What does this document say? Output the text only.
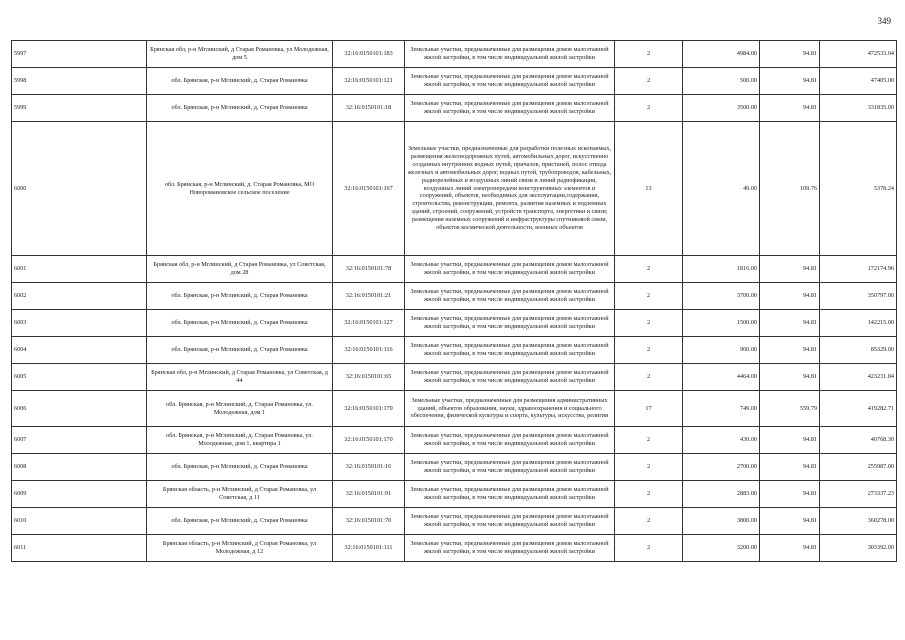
349
5997	Брянская обл, р-н Мглинский, д Старая Романовка, ул Молодежная, дом 5	32:16:0150101:183	Земельные участки, предназначенные для размещения домов малоэтажной жилой застройки, в том числе индивидуальной жилой застройки	2	4984.00	94.81	472533.04
5998	обл. Брянская, р-н Мглинский, д. Старая Романовка	32:16:0150101:121	Земельные участки, предназначенные для размещения домов малоэтажной жилой застройки, в том числе индивидуальной жилой застройки	2	500.00	94.81	47405.00
5999	обл. Брянская, р-н Мглинский, д. Старая Романовка	32:16:0150101:18	Земельные участки, предназначенные для размещения домов малоэтажной жилой застройки, в том числе индивидуальной жилой застройки	2	3500.00	94.81	331835.00
6000	обл. Брянская, р-н Мглинский, д. Старая Романовка, МО Новоромановское сельское поселение	32:16:0150101:167	Земельные участки, предназначенные для разработки полезных ископаемых, размещения железнодорожных путей, автомобильных дорог, искусственно созданных внутренних водных путей, причалов, пристаней, полос отвода железных и автомобильных дорог, водных путей, трубопроводов, кабельных, радиорелейных и воздушных линий связи и линий радиофикации, воздушных линий электропередачи конструктивных элементов и сооружений, объектов, необходимых для эксплуатации,содержания, строительства, реконструкции, ремонта, развития наземных и подземных зданий, строений, сооружений, устройств транспорта, энергетики и связи; размещения наземных сооружений и инфраструктуры спутниковой связи, объектов космической деятельности, военных объектов	13	49.00	109.76	5378.24
6001	Брянская обл, р-н Мглинский, д Старая Романовка, ул Советская, дом 28	32:16:0150101:78	Земельные участки, предназначенные для размещения домов малоэтажной жилой застройки, в том числе индивидуальной жилой застройки	2	1816.00	94.81	172174.96
6002	обл. Брянская, р-н Мглинский, д. Старая Романовка	32:16:0150101:21	Земельные участки, предназначенные для размещения домов малоэтажной жилой застройки, в том числе индивидуальной жилой застройки	2	3700.00	94.81	350797.00
6003	обл. Брянская, р-н Мглинский, д. Старая Романовка	32:16:0150101:127	Земельные участки, предназначенные для размещения домов малоэтажной жилой застройки, в том числе индивидуальной жилой застройки	2	1500.00	94.81	142215.00
6004	обл. Брянская, р-н Мглинский, д. Старая Романовка	32:16:0150101:116	Земельные участки, предназначенные для размещения домов малоэтажной жилой застройки, в том числе индивидуальной жилой застройки	2	900.00	94.81	85329.00
6005	Брянская обл, р-н Мглинский, д Старая Романовка, ул Советская, д 44	32:16:0150101:65	Земельные участки, предназначенные для размещения домов малоэтажной жилой застройки, в том числе индивидуальной жилой застройки	2	4464.00	94.81	423231.84
6006	обл. Брянская, р-н Мглинский, д. Старая Романовка, ул. Молодежная, дом 1	32:16:0150101:179	Земельные участки, предназначенные для размещения административных зданий, объектов образования, науки, здравоохранения и социального обеспечения, физической культуры и спорта, культуры, искусства, религии	17	749.00	559.79	419282.71
6007	обл. Брянская, р-н Мглинский, д. Старая Романовка, ул. Молодежная, дом 1, квартира 1	32:16:0150101:170	Земельные участки, предназначенные для размещения домов малоэтажной жилой застройки, в том числе индивидуальной жилой застройки	2	430.00	94.81	40768.30
6008	обл. Брянская, р-н Мглинский, д. Старая Романовка	32:16:0150101:16	Земельные участки, предназначенные для размещения домов малоэтажной жилой застройки, в том числе индивидуальной жилой застройки	2	2700.00	94.81	255987.00
6009	Брянская область, р-н Мглинский, д Старая Романовка, ул Советская, д 11	32:16:0150101:91	Земельные участки, предназначенные для размещения домов малоэтажной жилой застройки, в том числе индивидуальной жилой застройки	2	2883.00	94.81	273337.23
6010	обл. Брянская, р-н Мглинский, д. Старая Романовка	32:16:0150101:70	Земельные участки, предназначенные для размещения домов малоэтажной жилой застройки, в том числе индивидуальной жилой застройки	2	3800.00	94.81	360278.00
6011	Брянская область, р-н Мглинский, д Старая Романовка, ул Молодежная, д 12	32:16:0150101:111	Земельные участки, предназначенные для размещения домов малоэтажной жилой застройки, в том числе индивидуальной жилой застройки	2	3200.00	94.81	303392.00
